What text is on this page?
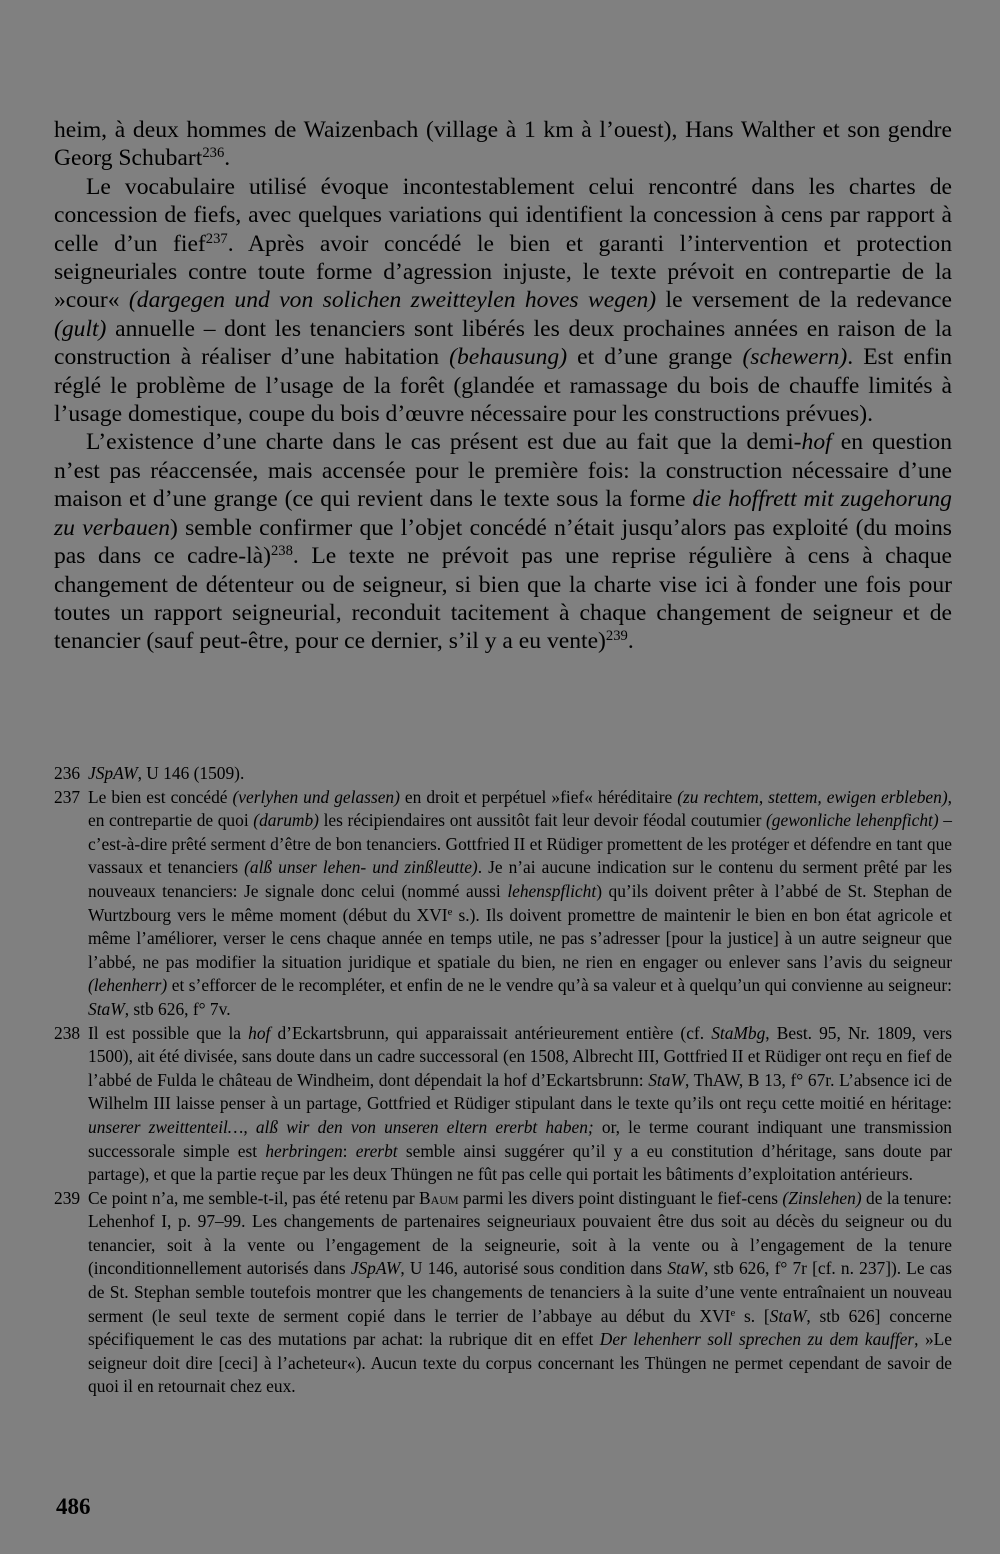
heim, à deux hommes de Waizenbach (village à 1 km à l’ouest), Hans Walther et son gendre Georg Schubart$^{236}$.

Le vocabulaire utilisé évoque incontestablement celui rencontré dans les chartes de concession de fiefs, avec quelques variations qui identifient la concession à cens par rapport à celle d’un fief$^{237}$. Après avoir concédé le bien et garanti l’intervention et protection seigneuriales contre toute forme d’agression injuste, le texte prévoit en contrepartie de la »cour« (dargegen und von solichen zweitteylen hoves wegen) le versement de la redevance (gult) annuelle – dont les tenanciers sont libérés les deux prochaines années en raison de la construction à réaliser d’une habitation (behausung) et d’une grange (schewern). Est enfin réglé le problème de l’usage de la forêt (glandée et ramassage du bois de chauffe limités à l’usage domestique, coupe du bois d’œuvre nécessaire pour les constructions prévues).

L’existence d’une charte dans le cas présent est due au fait que la demi-hof en question n’est pas réaccensée, mais accensée pour le première fois: la construction nécessaire d’une maison et d’une grange (ce qui revient dans le texte sous la forme die hoffrett mit zugehorung zu verbauen) semble confirmer que l’objet concédé n’était jusqu’alors pas exploité (du moins pas dans ce cadre-là)$^{238}$. Le texte ne prévoit pas une reprise régulière à cens à chaque changement de détenteur ou de seigneur, si bien que la charte vise ici à fonder une fois pour toutes un rapport seigneurial, reconduit tacitement à chaque changement de seigneur et de tenancier (sauf peut-être, pour ce dernier, s’il y a eu vente)$^{239}$.

236 JSpAW, U 146 (1509).
237 Le bien est concédé (verlyhen und gelassen) en droit et perpétuel »fief« héréditaire (zu rechtem, stettem, ewigen erbleben), en contrepartie de quoi (darumb) les récipiendaires ont aussitôt fait leur devoir féodal coutumier (gewonliche lehenpficht) – c’est-à-dire prêté serment d’être de bon tenanciers. Gottfried II et Rüdiger promettent de les protéger et défendre en tant que vassaux et tenanciers (alß unser lehen- und zinßleutte). Je n’ai aucune indication sur le contenu du serment prêté par les nouveaux tenanciers: Je signale donc celui (nommé aussi lehenspflicht) qu’ils doivent prêter à l’abbé de St. Stephan de Wurtzbourg vers le même moment (début du XVIe s.). Ils doivent promettre de maintenir le bien en bon état agricole et même l’améliorer, verser le cens chaque année en temps utile, ne pas s’adresser [pour la justice] à un autre seigneur que l’abbé, ne pas modifier la situation juridique et spatiale du bien, ne rien en engager ou enlever sans l’avis du seigneur (lehenherr) et s’efforcer de le recompléter, et enfin de ne le vendre qu’à sa valeur et à quelqu’un qui convienne au seigneur: StaW, stb 626, f° 7v.
238 Il est possible que la hof d’Eckartsbrunn, qui apparaissait antérieurement entière (cf. StaMbg, Best. 95, Nr. 1809, vers 1500), ait été divisée, sans doute dans un cadre successoral (en 1508, Albrecht III, Gottfried II et Rüdiger ont reçu en fief de l’abbé de Fulda le château de Windheim, dont dépendait la hof d’Eckartsbrunn: StaW, ThAW, B 13, f° 67r. L’absence ici de Wilhelm III laisse penser à un partage, Gottfried et Rüdiger stipulant dans le texte qu’ils ont reçu cette moitié en héritage: unserer zweittenteil…, alß wir den von unseren eltern ererbt haben; or, le terme courant indiquant une transmission successorale simple est herbringen: ererbt semble ainsi suggérer qu’il y a eu constitution d’héritage, sans doute par partage), et que la partie reçue par les deux Thüngen ne fût pas celle qui portait les bâtiments d’exploitation antérieurs.
239 Ce point n’a, me semble-t-il, pas été retenu par Baum parmi les divers point distinguant le fief-cens (Zinslehen) de la tenure: Lehenhof I, p. 97–99. Les changements de partenaires seigneuriaux pouvaient être dus soit au décès du seigneur ou du tenancier, soit à la vente ou l’engagement de la seigneurie, soit à la vente ou à l’engagement de la tenure (inconditionnellement autorisés dans JSpAW, U 146, autorisé sous condition dans StaW, stb 626, f° 7r [cf. n. 237]). Le cas de St. Stephan semble toutefois montrer que les changements de tenanciers à la suite d’une vente entraînaient un nouveau serment (le seul texte de serment copié dans le terrier de l’abbaye au début du XVIe s. [StaW, stb 626] concerne spécifiquement le cas des mutations par achat: la rubrique dit en effet Der lehenherr soll sprechen zu dem kauffer, »Le seigneur doit dire [ceci] à l’acheteur«). Aucun texte du corpus concernant les Thüngen ne permet cependant de savoir de quoi il en retournait chez eux.
486
